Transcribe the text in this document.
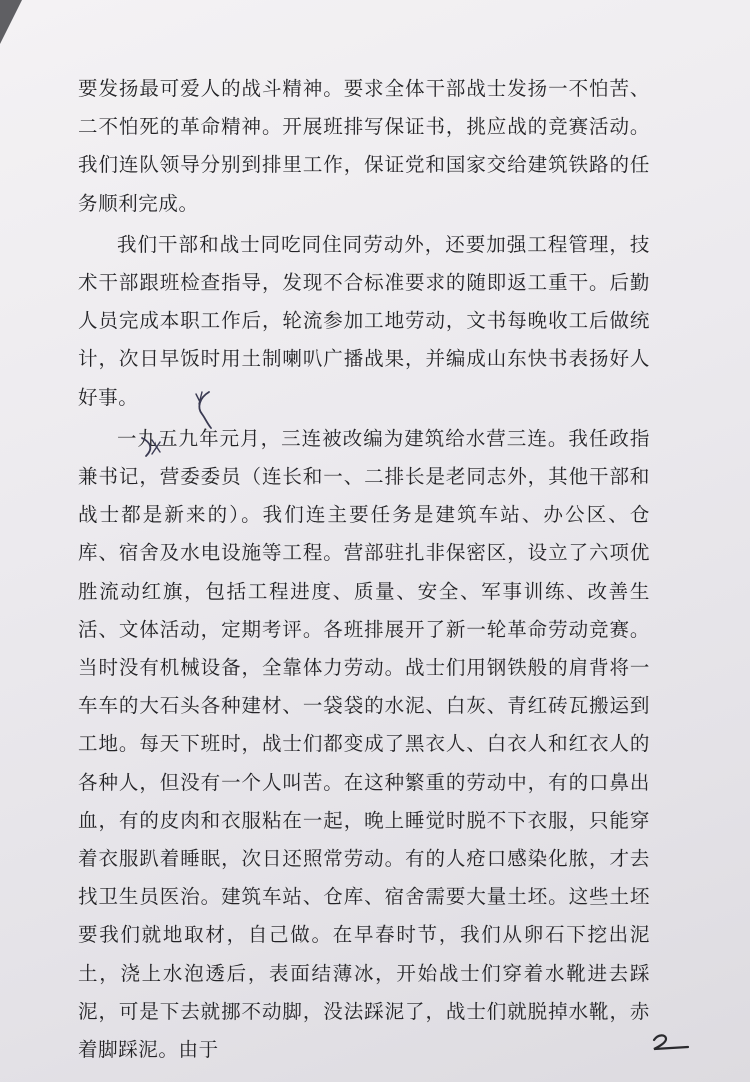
要发扬最可爱人的战斗精神。要求全体干部战士发扬一不怕苦、二不怕死的革命精神。开展班排写保证书，挑应战的竞赛活动。我们连队领导分别到排里工作，保证党和国家交给建筑铁路的任务顺利完成。

我们干部和战士同吃同住同劳动外，还要加强工程管理，技术干部跟班检查指导，发现不合标准要求的随即返工重干。后勤人员完成本职工作后，轮流参加工地劳动，文书每晚收工后做统计，次日早饭时用土制喇叭广播战果，并编成山东快书表扬好人好事。

一九五九年元月，三连被改编为建筑给水营三连。我任政指兼书记，营委委员（连长和一、二排长是老同志外，其他干部和战士都是新来的）。我们连主要任务是建筑车站、办公区、仓库、宿舍及水电设施等工程。营部驻扎非保密区，设立了六项优胜流动红旗，包括工程进度、质量、安全、军事训练、改善生活、文体活动，定期考评。各班排展开了新一轮革命劳动竞赛。当时没有机械设备，全靠体力劳动。战士们用钢铁般的肩背将一车车的大石头各种建材、一袋袋的水泥、白灰、青红砖瓦搬运到工地。每天下班时，战士们都变成了黑衣人、白衣人和红衣人的各种人，但没有一个人叫苦。在这种繁重的劳动中，有的口鼻出血，有的皮肉和衣服粘在一起，晚上睡觉时脱不下衣服，只能穿着衣服趴着睡眠，次日还照常劳动。有的人疮口感染化脓，才去找卫生员医治。建筑车站、仓库、宿舍需要大量土坯。这些土坯要我们就地取材，自己做。在早春时节，我们从卵石下挖出泥土，浇上水泡透后，表面结薄冰，开始战士们穿着水靴进去踩泥，可是下去就挪不动脚，没法踩泥了，战士们就脱掉水靴，赤着脚踩泥。由于
